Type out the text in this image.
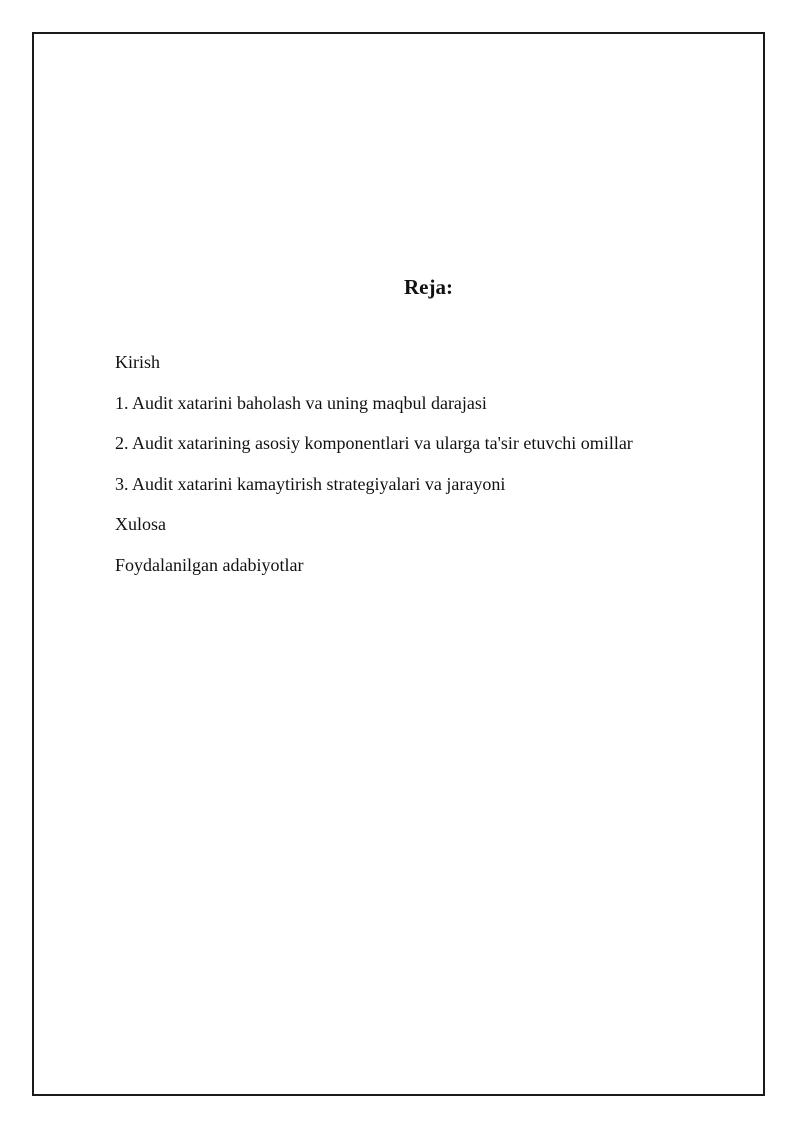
Reja:
Kirish
1. Audit xatarini baholash va uning maqbul darajasi
2. Audit xatarining asosiy komponentlari va ularga ta'sir etuvchi omillar
3. Audit xatarini kamaytirish strategiyalari va jarayoni
Xulosa
Foydalanilgan adabiyotlar
